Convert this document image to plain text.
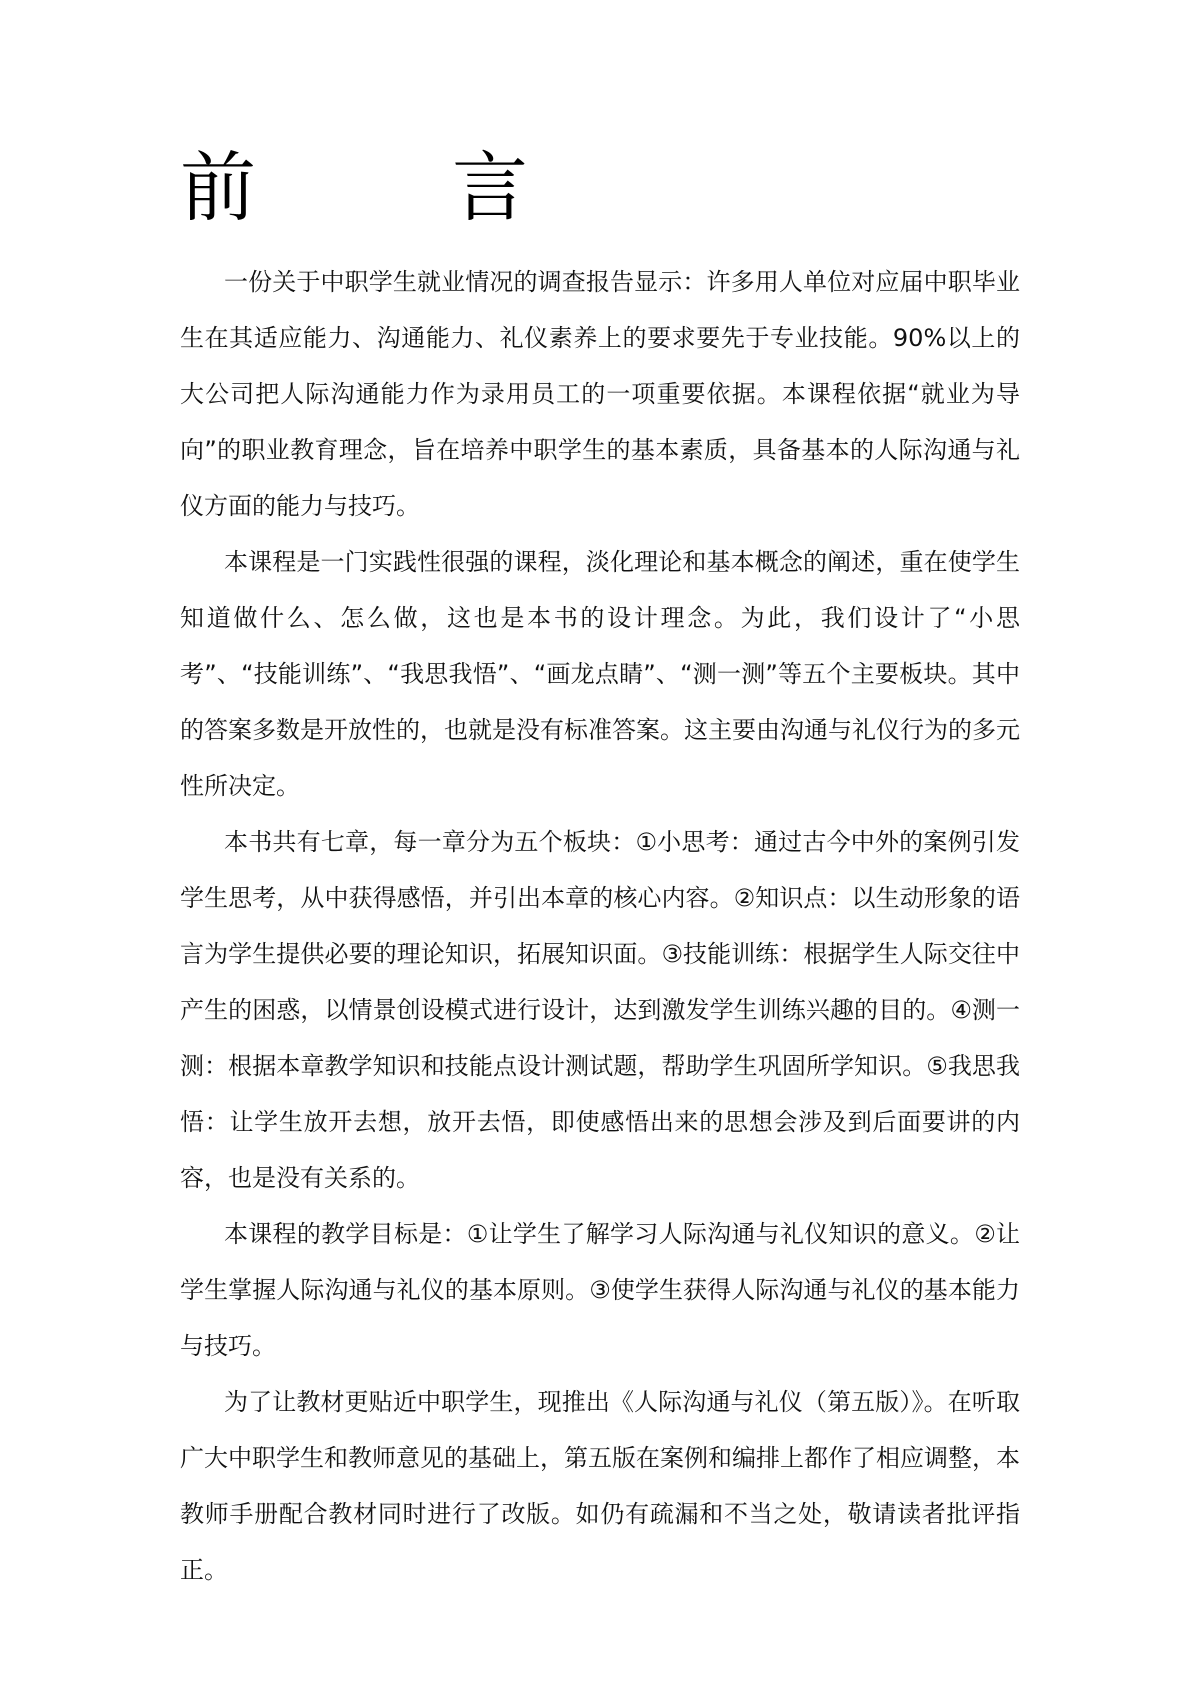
前　言

一份关于中职学生就业情况的调查报告显示：许多用人单位对应届中职毕业生在其适应能力、沟通能力、礼仪素养上的要求要先于专业技能。90%以上的大公司把人际沟通能力作为录用员工的一项重要依据。本课程依据“就业为导向”的职业教育理念，旨在培养中职学生的基本素质，具备基本的人际沟通与礼仪方面的能力与技巧。

本课程是一门实践性很强的课程，淡化理论和基本概念的阐述，重在使学生知道做什么、怎么做，这也是本书的设计理念。为此，我们设计了“小思考”、“技能训练”、“我思我悟”、“画龙点睛”、“测一测”等五个主要板块。其中的答案多数是开放性的，也就是没有标准答案。这主要由沟通与礼仪行为的多元性所决定。

本书共有七章，每一章分为五个板块：①小思考：通过古今中外的案例引发学生思考，从中获得感悟，并引出本章的核心内容。②知识点：以生动形象的语言为学生提供必要的理论知识，拓展知识面。③技能训练：根据学生人际交往中产生的困惑，以情景创设模式进行设计，达到激发学生训练兴趣的目的。④测一测：根据本章教学知识和技能点设计测试题，帮助学生巩固所学知识。⑤我思我悟：让学生放开去想，放开去悟，即使感悟出来的思想会涉及到后面要讲的内容，也是没有关系的。

本课程的教学目标是：①让学生了解学习人际沟通与礼仪知识的意义。②让学生掌握人际沟通与礼仪的基本原则。③使学生获得人际沟通与礼仪的基本能力与技巧。

为了让教材更贴近中职学生，现推出《人际沟通与礼仪（第五版）》。在听取广大中职学生和教师意见的基础上，第五版在案例和编排上都作了相应调整，本教师手册配合教材同时进行了改版。如仍有疏漏和不当之处，敬请读者批评指正。
